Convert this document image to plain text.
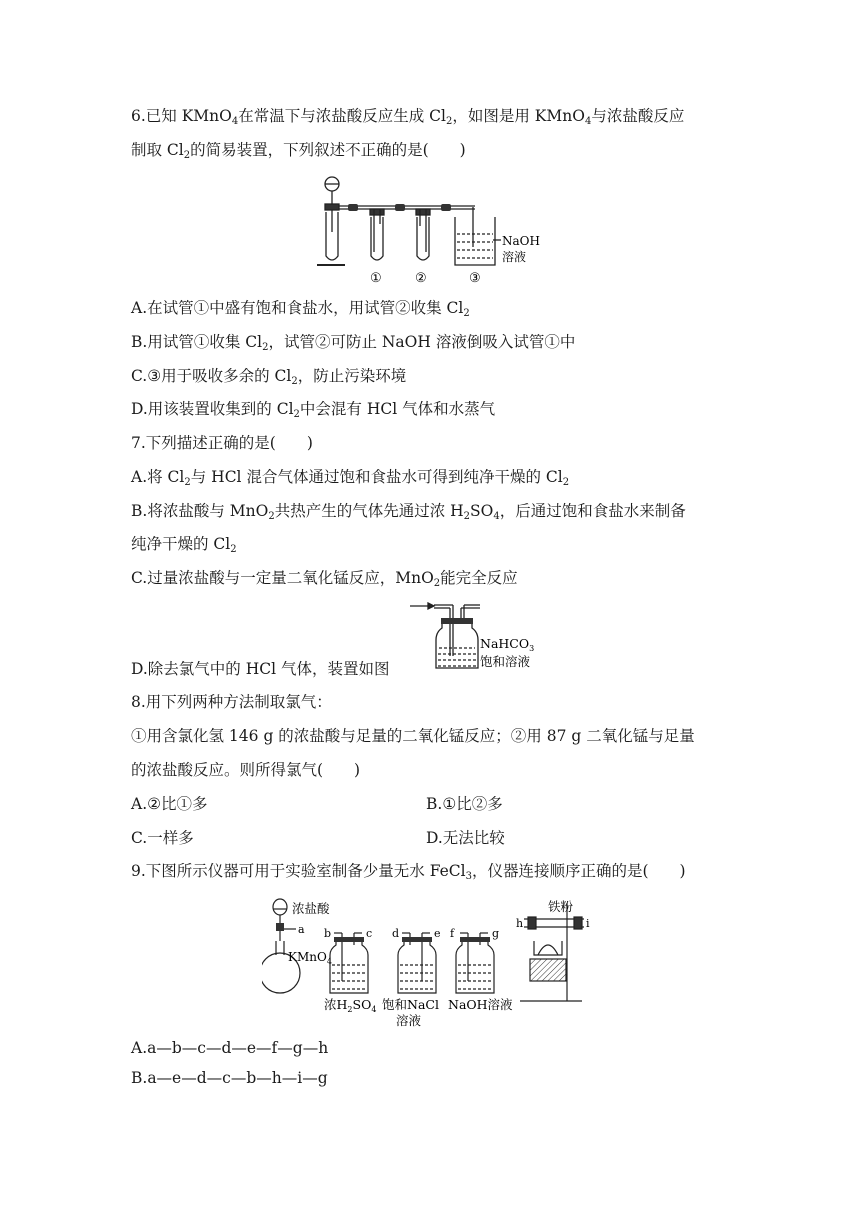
6.已知 KMnO$_4$在常温下与浓盐酸反应生成 $Cl_2$，如图是用 KMnO$_4$与浓盐酸反应
制取 $Cl_2$的简易装置，下列叙述不正确的是(　　)
NaOH
溶液
①	②	③
A.在试管①中盛有饱和食盐水，用试管②收集 $Cl_2$
B.用试管①收集 $Cl_2$，试管②可防止 NaOH 溶液倒吸入试管①中
C.③用于吸收多余的 $Cl_2$，防止污染环境
D.用该装置收集到的 $Cl_2$中会混有 HCl 气体和水蒸气
7.下列描述正确的是(　　)
A.将 $Cl_2$与 HCl 混合气体通过饱和食盐水可得到纯净干燥的 $Cl_2$
B.将浓盐酸与 MnO$_2$共热产生的气体先通过浓 $H_2SO_4$，后通过饱和食盐水来制备
纯净干燥的 $Cl_2$
C.过量浓盐酸与一定量二氧化锰反应，MnO$_2$能完全反应
D.除去氯气中的 HCl 气体，装置如图
NaHCO$_3$
饱和溶液
8.用下列两种方法制取氯气：
①用含氯化氢 146 g 的浓盐酸与足量的二氧化锰反应；②用 87 g 二氧化锰与足量
的浓盐酸反应。则所得氯气(　　)
A.②比①多	B.①比②多
C.一样多	D.无法比较
9.下图所示仪器可用于实验室制备少量无水 FeCl$_3$，仪器连接顺序正确的是(　　)
浓盐酸
a
KMnO$_4$
b	c d	e f	g
铁粉
h	i
浓$H_2SO_4$ 饱和NaCl
溶液
NaOH溶液
A.a—b—c—d—e—f—g—h
B.a—e—d—c—b—h—i—g
